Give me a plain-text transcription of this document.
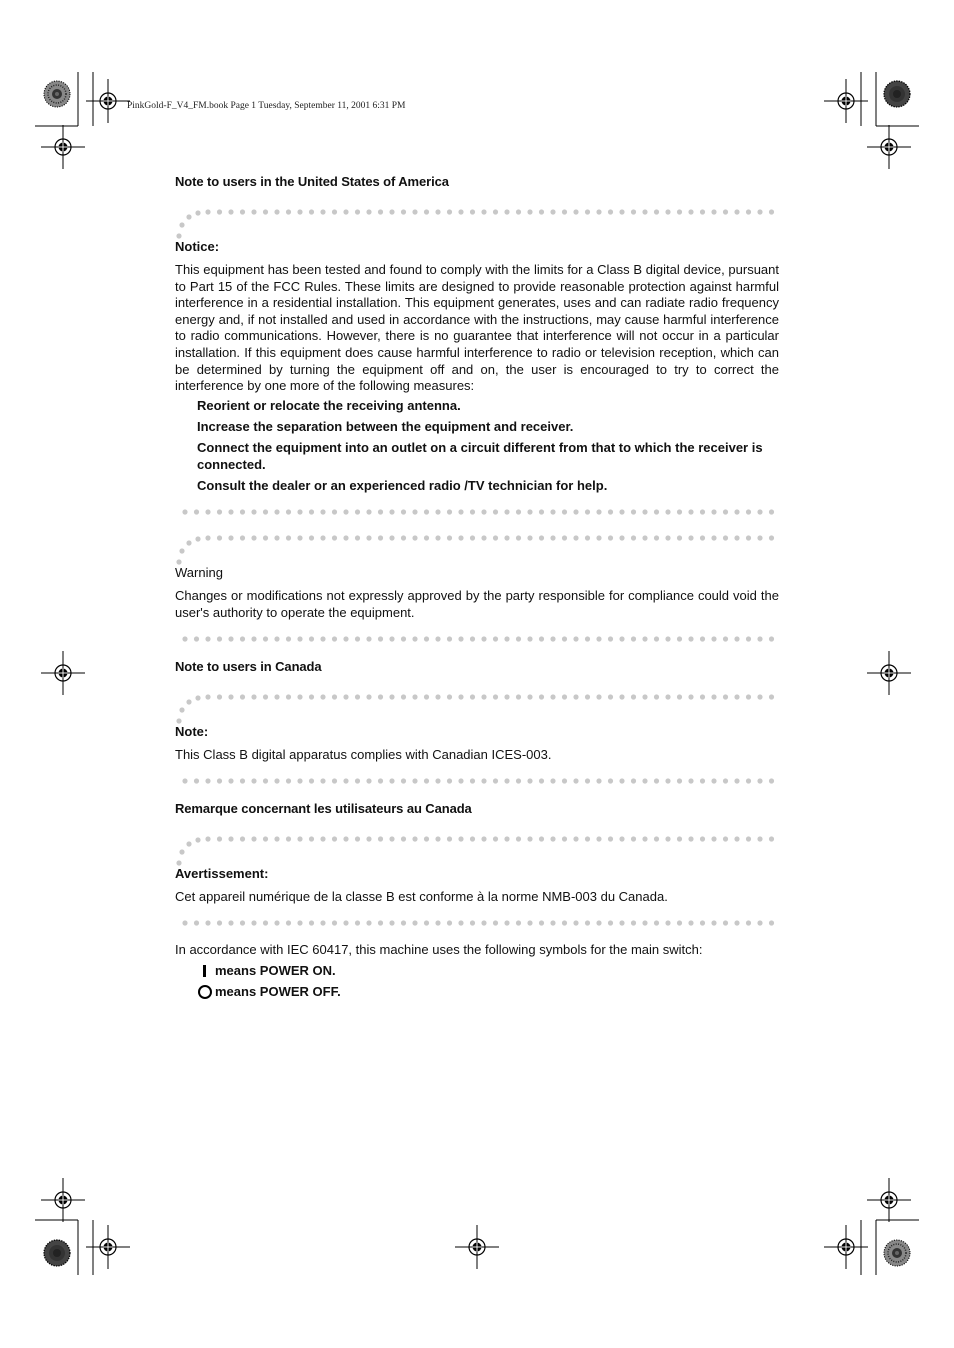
PinkGold-F_V4_FM.book Page 1 Tuesday, September 11, 2001 6:31 PM
Note to users in the United States of America
Notice:
This equipment has been tested and found to comply with the limits for a Class B digital device, pursuant to Part 15 of the FCC Rules. These limits are designed to provide reasonable protection against harmful interference in a residential installation. This equipment generates, uses and can radiate radio frequency energy and, if not installed and used in accordance with the instructions, may cause harmful interference to radio communications. However, there is no guarantee that interference will not occur in a particular installation. If this equipment does cause harmful interference to radio or television reception, which can be determined by turning the equipment off and on, the user is encouraged to try to correct the interference by one more of the following measures:
Reorient or relocate the receiving antenna.
Increase the separation between the equipment and receiver.
Connect the equipment into an outlet on a circuit different from that to which the receiver is connected.
Consult the dealer or an experienced radio /TV technician for help.
Warning
Changes or modifications not expressly approved by the party responsible for compliance could void the user's authority to operate the equipment.
Note to users in Canada
Note:
This Class B digital apparatus complies with Canadian ICES-003.
Remarque concernant les utilisateurs au Canada
Avertissement:
Cet appareil numérique de la classe B est conforme à la norme NMB-003 du Canada.
In accordance with IEC 60417, this machine uses the following symbols for the main switch:
means POWER ON.
means POWER OFF.
